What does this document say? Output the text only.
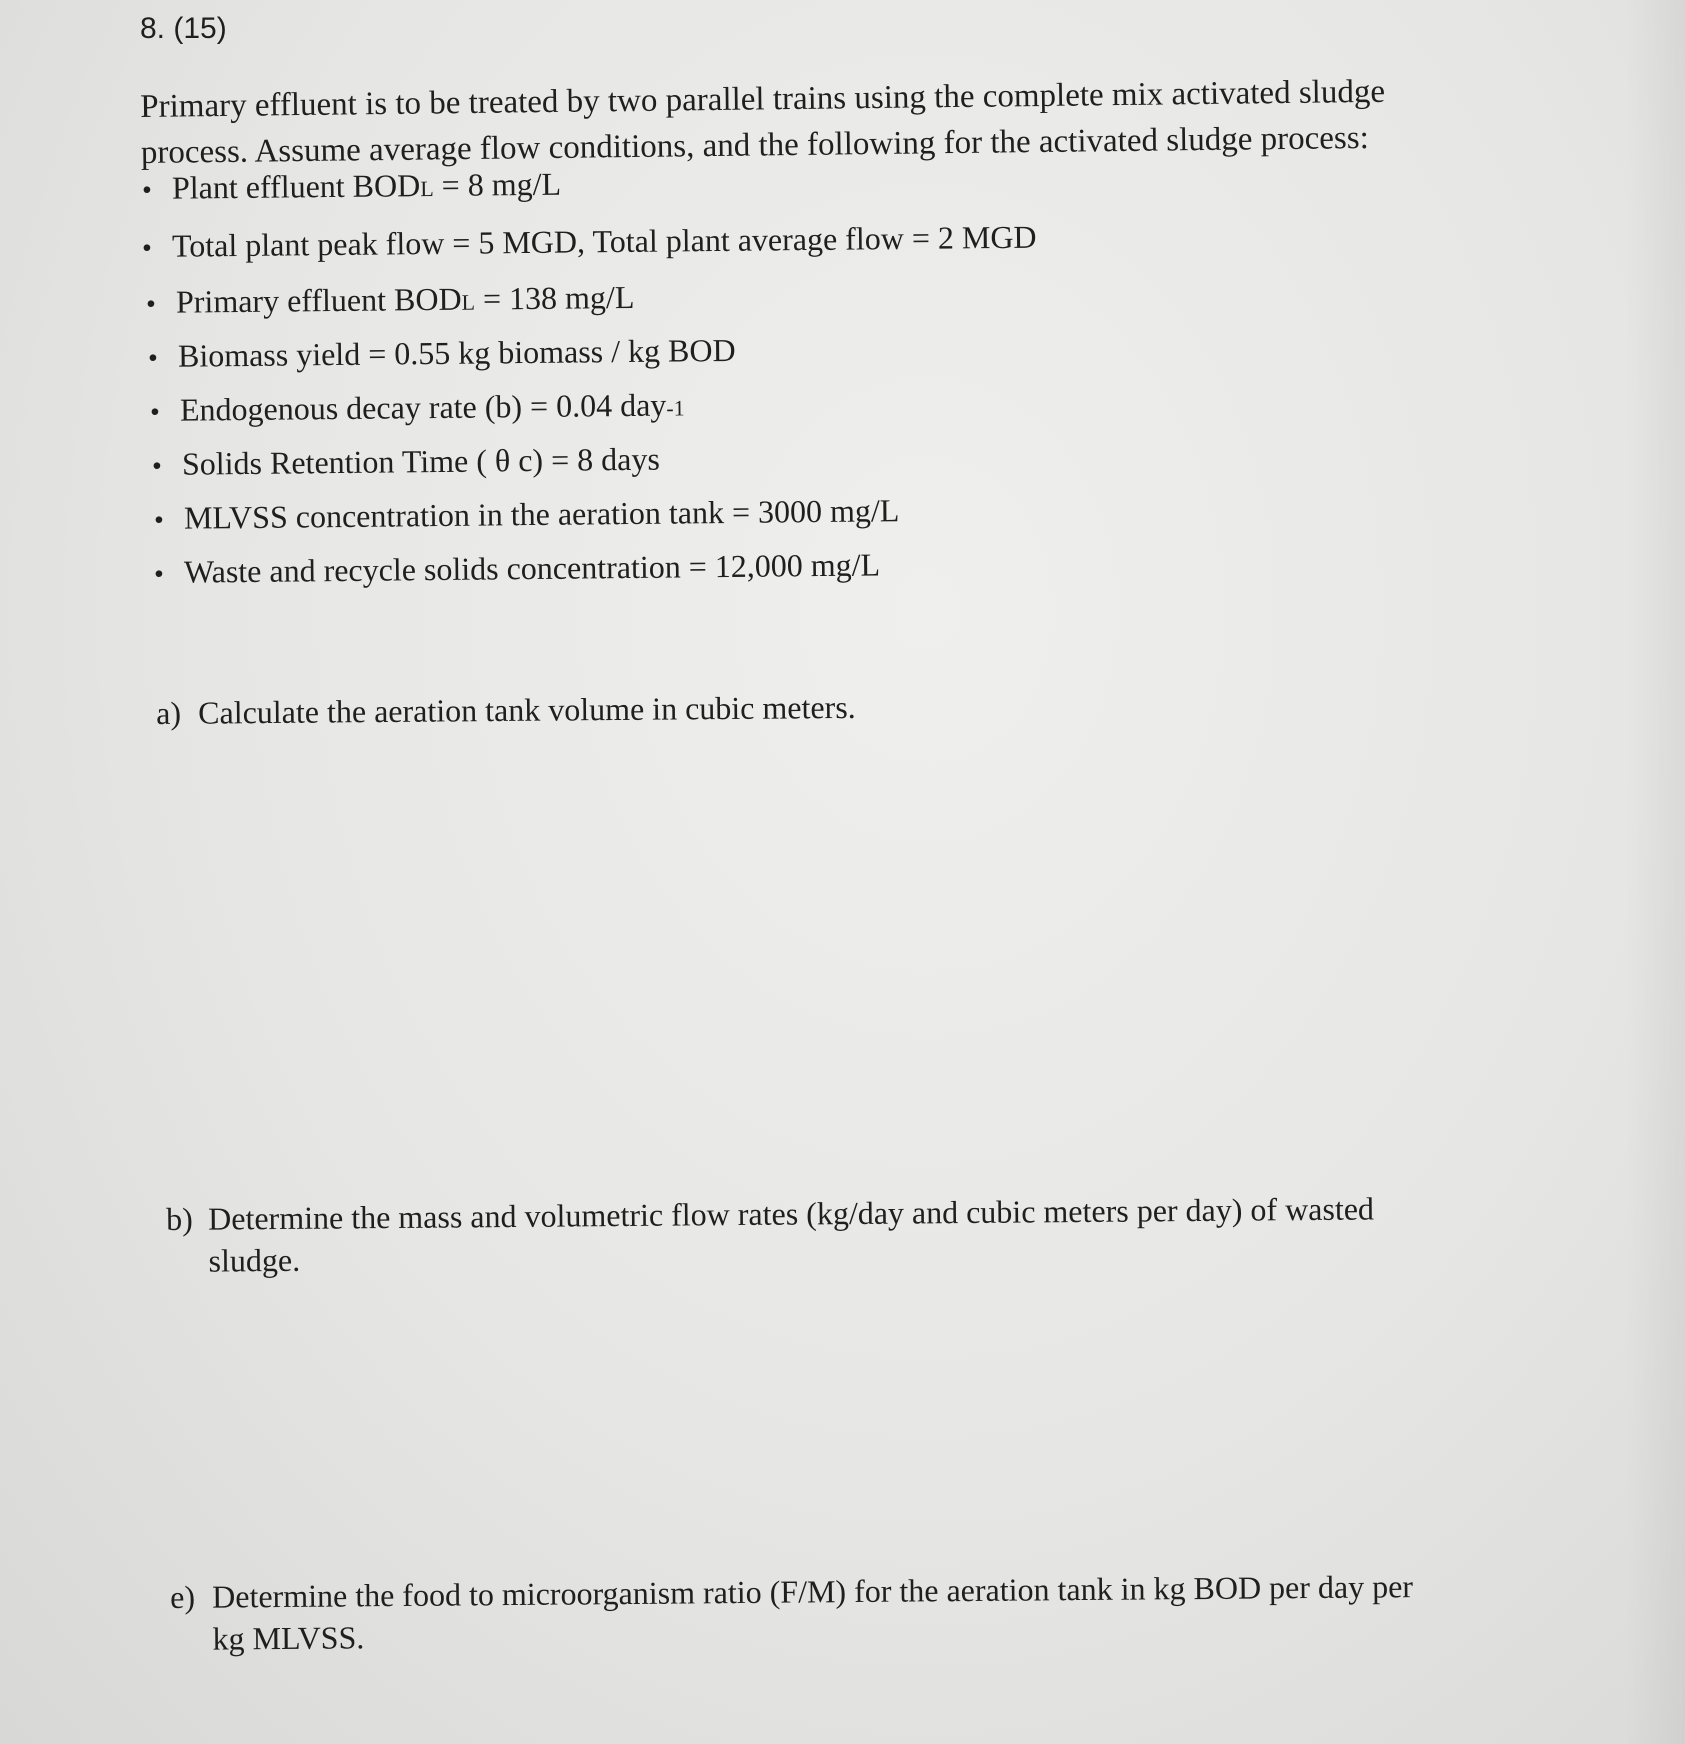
8. (15)
Primary effluent is to be treated by two parallel trains using the complete mix activated sludge process. Assume average flow conditions, and the following for the activated sludge process:
• Plant effluent BODL = 8 mg/L
• Total plant peak flow = 5 MGD, Total plant average flow = 2 MGD
• Primary effluent BODL = 138 mg/L
• Biomass yield = 0.55 kg biomass / kg BOD
• Endogenous decay rate (b) = 0.04 day-1
• Solids Retention Time ( θ c) = 8 days
• MLVSS concentration in the aeration tank = 3000 mg/L
• Waste and recycle solids concentration = 12,000 mg/L
a) Calculate the aeration tank volume in cubic meters.
b) Determine the mass and volumetric flow rates (kg/day and cubic meters per day) of wasted
sludge.
e) Determine the food to microorganism ratio (F/M) for the aeration tank in kg BOD per day per
kg MLVSS.
